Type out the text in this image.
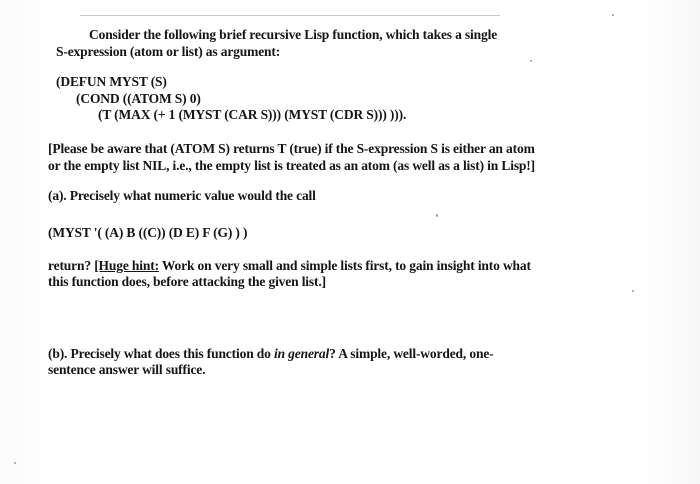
Consider the following brief recursive Lisp function, which takes a single
S-expression (atom or list) as argument:
(DEFUN MYST (S)
(COND ((ATOM S) 0)
(T (MAX (+ 1 (MYST (CAR S))) (MYST (CDR S))) ))).
[Please be aware that (ATOM S) returns T (true) if the S-expression S is either an atom
or the empty list NIL, i.e., the empty list is treated as an atom (as well as a list) in Lisp!]
(a). Precisely what numeric value would the call
(MYST '( (A) B ((C)) (D E) F (G) ) )
return? [Huge hint: Work on very small and simple lists first, to gain insight into what
this function does, before attacking the given list.]
(b). Precisely what does this function do in general? A simple, well-worded, one-
sentence answer will suffice.
